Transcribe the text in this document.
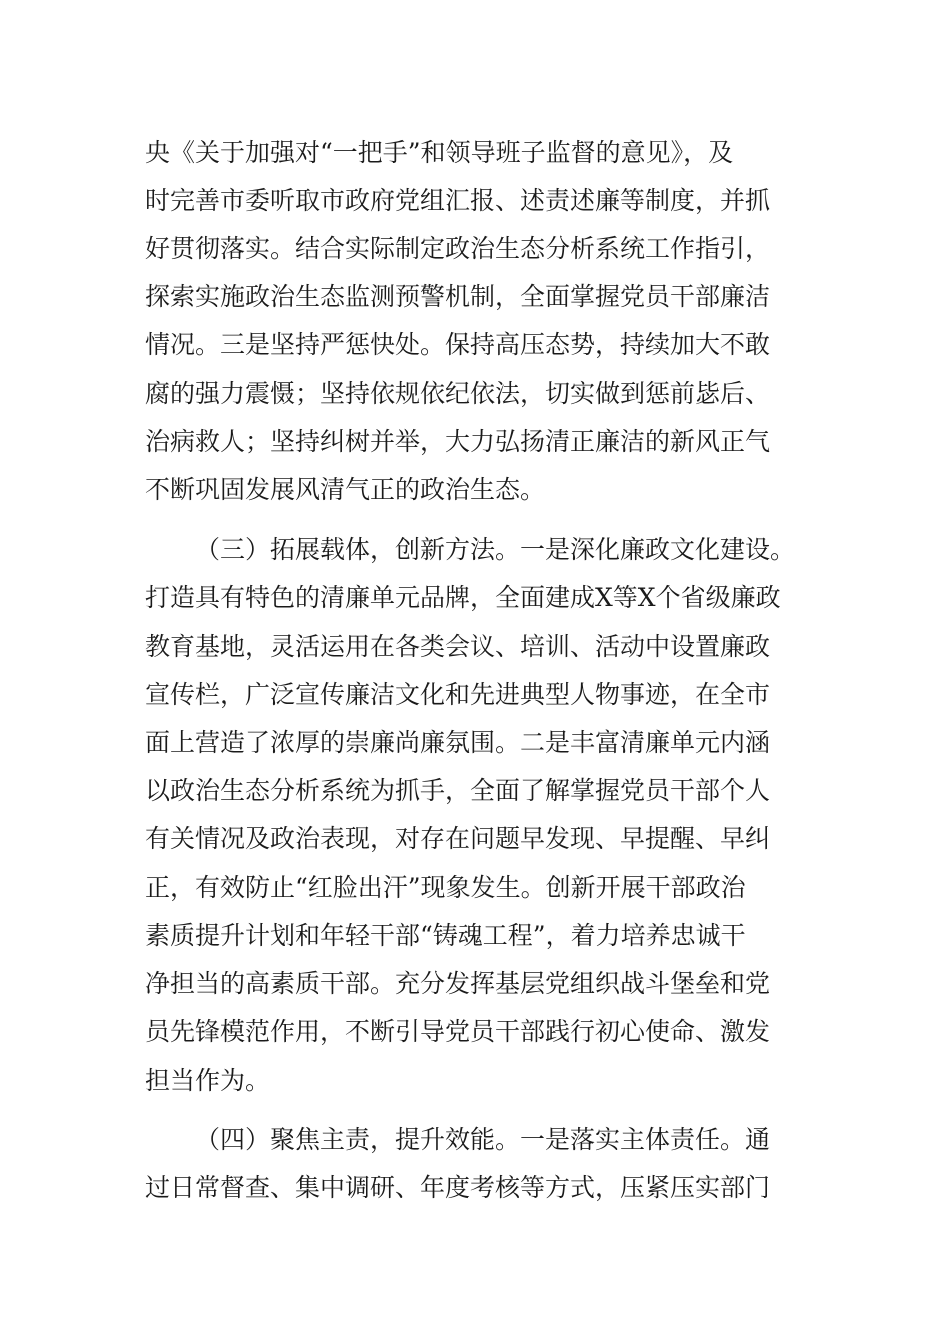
央《关于加强对“一把手”和领导班子监督的意见》，及

时完善市委听取市政府党组汇报、述责述廉等制度，并抓

好贯彻落实。结合实际制定政治生态分析系统工作指引，

探索实施政治生态监测预警机制，全面掌握党员干部廉洁

情况。三是坚持严惩快处。保持高压态势，持续加大不敢

腐的强力震慑；坚持依规依纪依法，切实做到惩前毖后、

治病救人；坚持纠树并举，大力弘扬清正廉洁的新风正气

不断巩固发展风清气正的政治生态。

（三）拓展载体，创新方法。一是深化廉政文化建设。

打造具有特色的清廉单元品牌，全面建成X等X个省级廉政

教育基地，灵活运用在各类会议、培训、活动中设置廉政

宣传栏，广泛宣传廉洁文化和先进典型人物事迹，在全市

面上营造了浓厚的崇廉尚廉氛围。二是丰富清廉单元内涵

以政治生态分析系统为抓手，全面了解掌握党员干部个人

有关情况及政治表现，对存在问题早发现、早提醒、早纠

正，有效防止“红脸出汗”现象发生。创新开展干部政治

素质提升计划和年轻干部“铸魂工程”，着力培养忠诚干

净担当的高素质干部。充分发挥基层党组织战斗堡垒和党

员先锋模范作用，不断引导党员干部践行初心使命、激发

担当作为。

（四）聚焦主责，提升效能。一是落实主体责任。通

过日常督查、集中调研、年度考核等方式，压紧压实部门
